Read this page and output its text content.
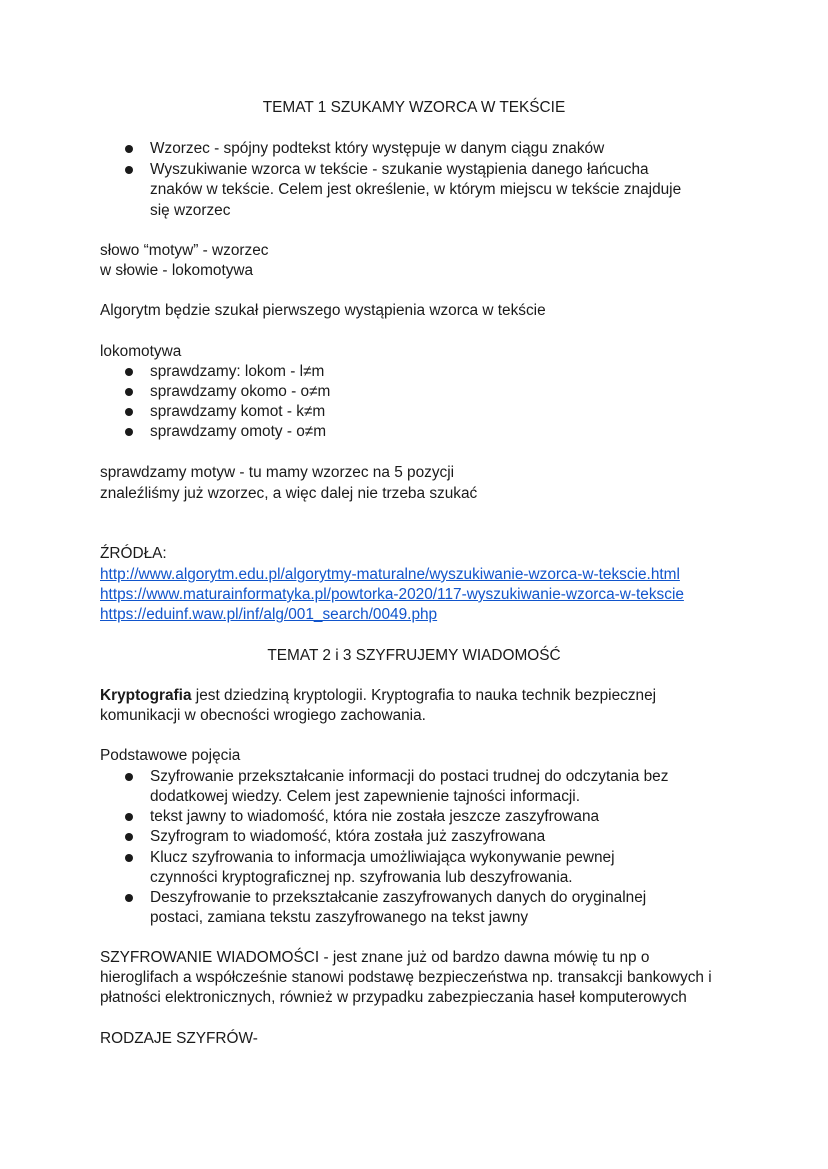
TEMAT 1 SZUKAMY WZORCA W TEKŚCIE
Wzorzec - spójny podtekst który występuje w danym ciągu znaków
Wyszukiwanie wzorca w tekście - szukanie wystąpienia danego łańcucha
znaków w tekście. Celem jest określenie, w którym miejscu w tekście znajduje
się wzorzec
słowo “motyw” - wzorzec
w słowie - lokomotywa
Algorytm będzie szukał pierwszego wystąpienia wzorca w tekście
lokomotywa
sprawdzamy: lokom - l≠m
sprawdzamy okomo - o≠m
sprawdzamy komot - k≠m
sprawdzamy omoty - o≠m
sprawdzamy motyw - tu mamy wzorzec na 5 pozycji
znaleźliśmy już wzorzec, a więc dalej nie trzeba szukać
ŹRÓDŁA:
http://www.algorytm.edu.pl/algorytmy-maturalne/wyszukiwanie-wzorca-w-tekscie.html
https://www.maturainformatyka.pl/powtorka-2020/117-wyszukiwanie-wzorca-w-tekscie
https://eduinf.waw.pl/inf/alg/001_search/0049.php
TEMAT 2 i 3 SZYFRUJEMY WIADOMOŚĆ
Kryptografia jest dziedziną kryptologii. Kryptografia to nauka technik bezpiecznej
komunikacji w obecności wrogiego zachowania.
Podstawowe pojęcia
Szyfrowanie przekształcanie informacji do postaci trudnej do odczytania bez
dodatkowej wiedzy. Celem jest zapewnienie tajności informacji.
tekst jawny to wiadomość, która nie została jeszcze zaszyfrowana
Szyfrogram to wiadomość, która została już zaszyfrowana
Klucz szyfrowania to informacja umożliwiająca wykonywanie pewnej
czynności kryptograficznej np. szyfrowania lub deszyfrowania.
Deszyfrowanie to przekształcanie zaszyfrowanych danych do oryginalnej
postaci, zamiana tekstu zaszyfrowanego na tekst jawny
SZYFROWANIE WIADOMOŚCI - jest znane już od bardzo dawna mówię tu np o
hieroglifach a współcześnie stanowi podstawę bezpieczeństwa np. transakcji bankowych i
płatności elektronicznych, również w przypadku zabezpieczania haseł komputerowych
RODZAJE SZYFRÓW-
